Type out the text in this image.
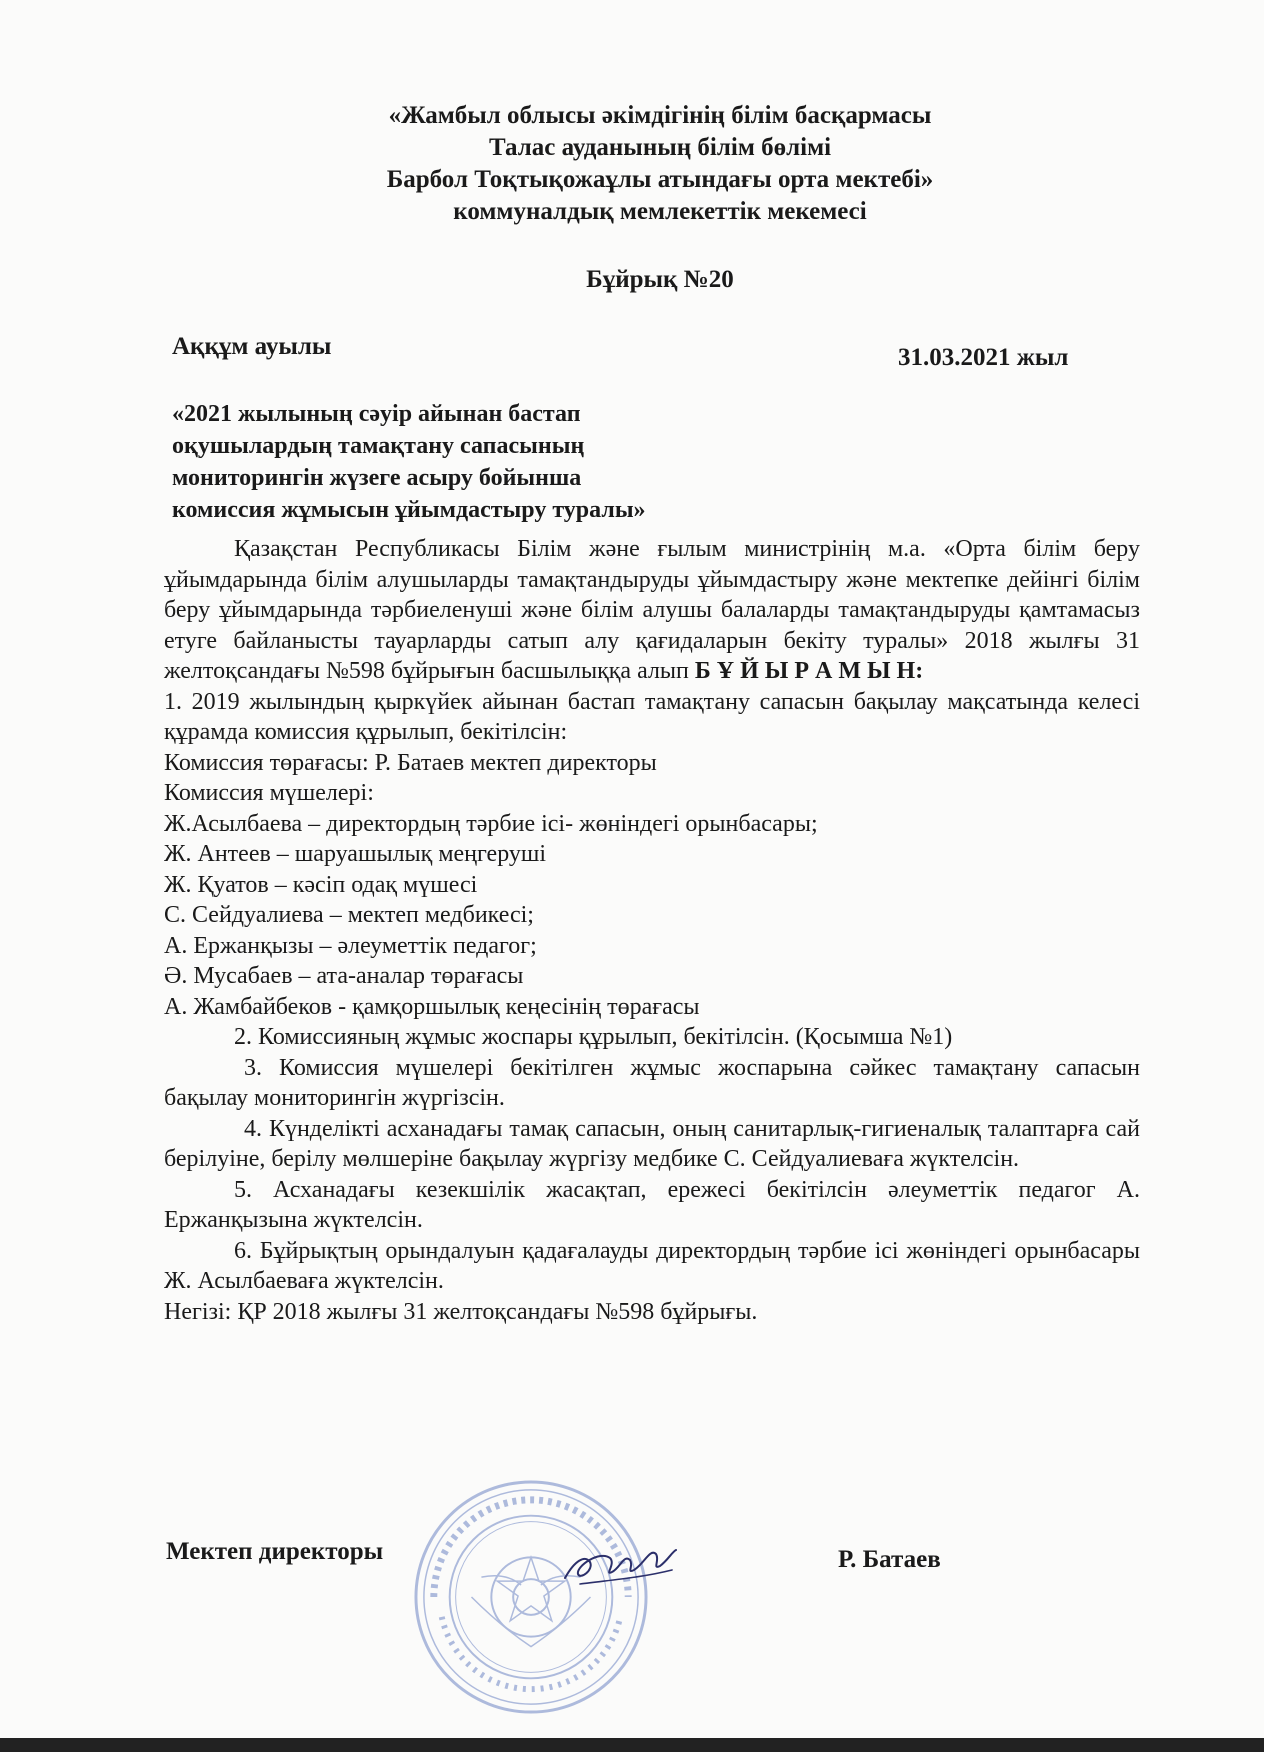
«Жамбыл облысы әкімдігінің білім басқармасы
Талас ауданының білім бөлімі
Барбол Тоқтықожаұлы атындағы орта мектебі»
коммуналдық мемлекеттік мекемесі
Бұйрық №20
Аққұм ауылы	31.03.2021 жыл
«2021 жылының сәуір айынан бастап
оқушылардың тамақтану сапасының
мониторингін жүзеге асыру бойынша
комиссия жұмысын ұйымдастыру туралы»

Қазақстан Республикасы Білім және ғылым министрінің м.а. «Орта білім беру ұйымдарында білім алушыларды тамақтандыруды ұйымдастыру және мектепке дейінгі білім беру ұйымдарында тәрбиеленуші және білім алушы балаларды тамақтандыруды қамтамасыз етуге байланысты тауарларды сатып алу қағидаларын бекіту туралы» 2018 жылғы 31 желтоқсандағы №598 бұйрығын басшылыққа алып Б Ұ Й Ы Р А М Ы Н:

1. 2019 жылындың қыркүйек айынан бастап тамақтану сапасын бақылау мақсатында келесі құрамда комиссия құрылып, бекітілсін:

Комиссия төрағасы: Р. Батаев мектеп директоры

Комиссия мүшелері:

Ж.Асылбаева – директордың тәрбие ісі- жөніндегі орынбасары;

Ж. Антеев – шаруашылық меңгеруші

Ж. Қуатов – кәсіп одақ мүшесі

С. Сейдуалиева – мектеп медбикесі;

А. Ержанқызы – әлеуметтік педагог;

Ә. Мусабаев – ата-аналар төрағасы

А. Жамбайбеков - қамқоршылық кеңесінің төрағасы

2. Комиссияның жұмыс жоспары құрылып, бекітілсін. (Қосымша №1)

3. Комиссия мүшелері бекітілген жұмыс жоспарына сәйкес тамақтану сапасын бақылау мониторингін жүргізсін.

4. Күнделікті асханадағы тамақ сапасын, оның санитарлық-гигиеналық талаптарға сай берілуіне, берілу мөлшеріне бақылау жүргізу медбике С. Сейдуалиеваға жүктелсін.

5. Асханадағы кезекшілік жасақтап, ережесі бекітілсін әлеуметтік педагог А. Ержанқызына жүктелсін.

6. Бұйрықтың орындалуын қадағалауды директордың тәрбие ісі жөніндегі орынбасары Ж. Асылбаеваға жүктелсін.

Негізі: ҚР 2018 жылғы 31 желтоқсандағы №598 бұйрығы.

Мектеп директоры	Р. Батаев
